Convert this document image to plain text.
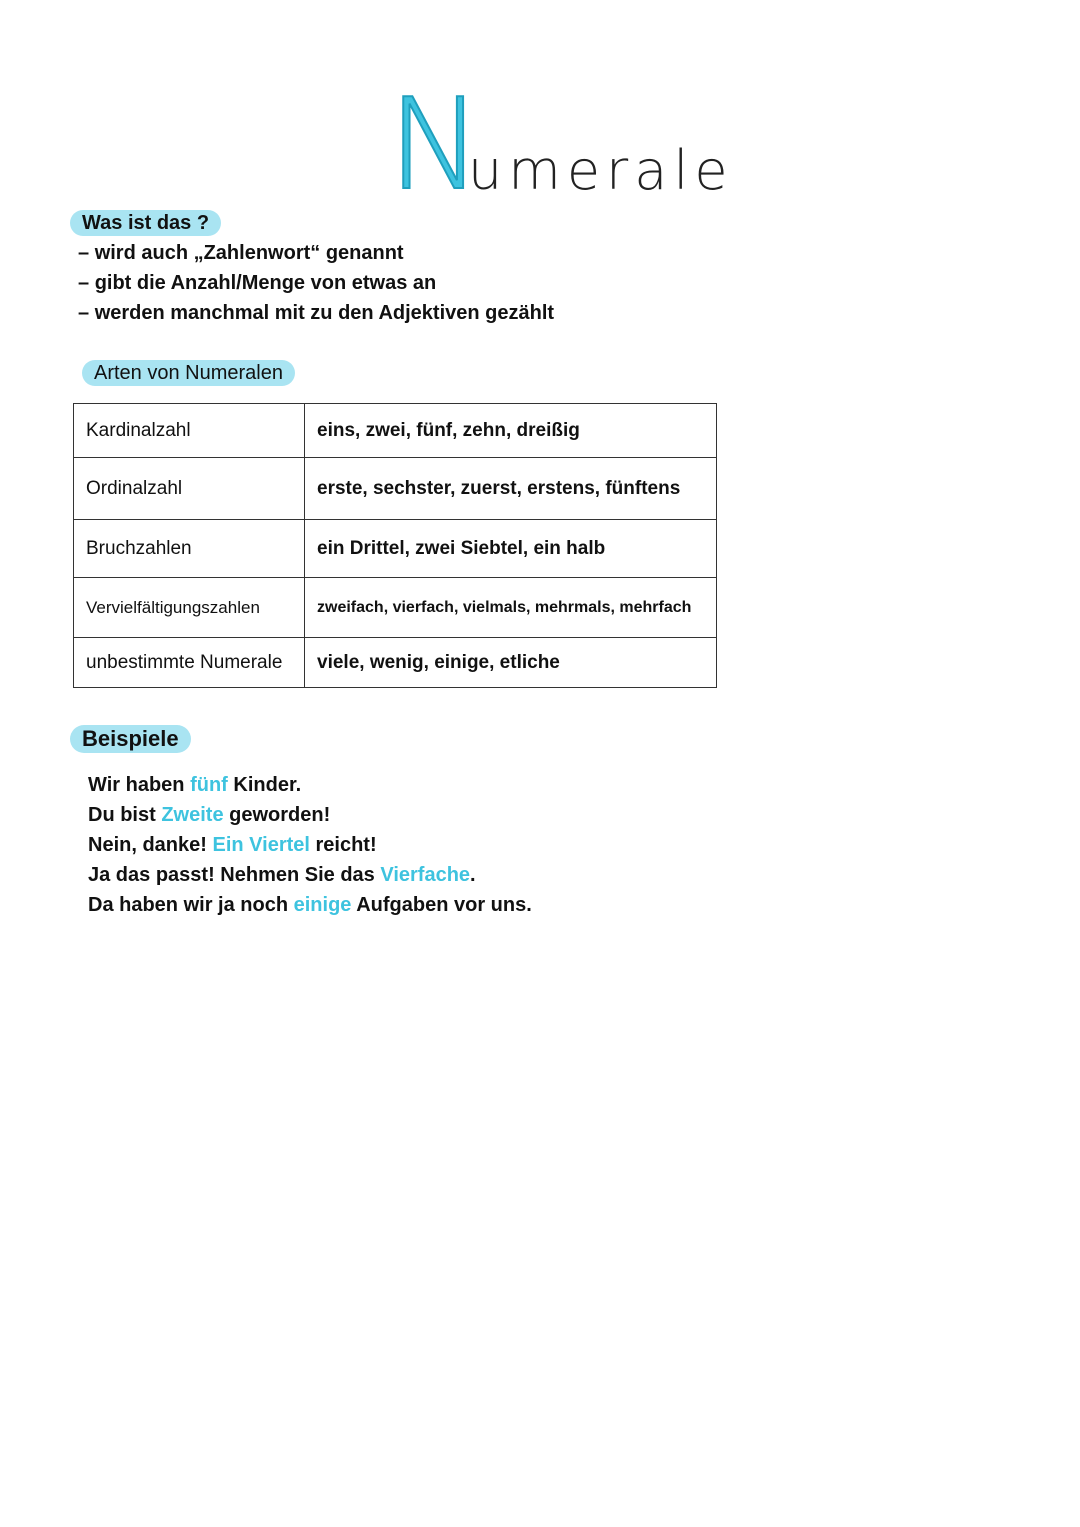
N
umerale
Was ist das ?
– wird auch „Zahlenwort“ genannt
– gibt die Anzahl/Menge von etwas an
– werden manchmal mit zu den Adjektiven gezählt
Arten von Numeralen
Kardinalzahl	eins, zwei, fünf, zehn, dreißig
Ordinalzahl	erste, sechster, zuerst, erstens, fünftens
Bruchzahlen	ein Drittel, zwei Siebtel, ein halb
Vervielfältigungszahlen	zweifach, vierfach, vielmals, mehrmals, mehrfach
unbestimmte Numerale	viele, wenig, einige, etliche
Beispiele
Wir haben fünf Kinder.
Du bist Zweite geworden!
Nein, danke! Ein Viertel reicht!
Ja das passt! Nehmen Sie das Vierfache.
Da haben wir ja noch einige Aufgaben vor uns.
